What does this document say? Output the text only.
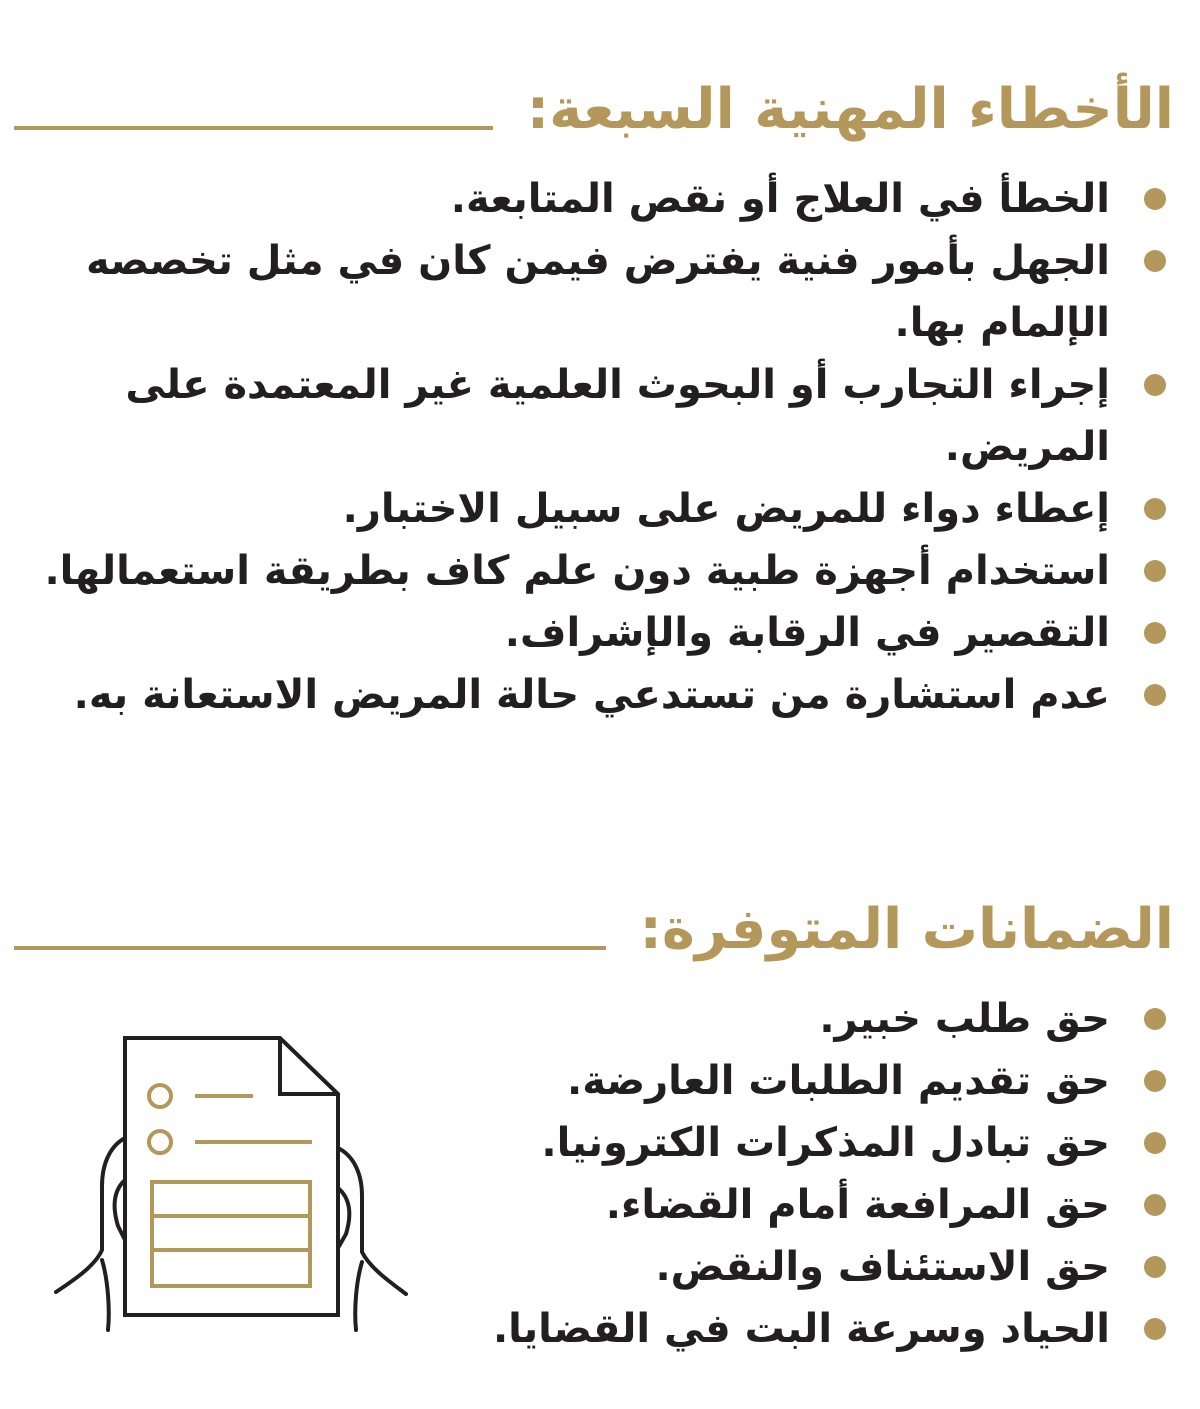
الأخطاء المهنية السبعة:
الخطأ في العلاج أو نقص المتابعة.
الجهل بأمور فنية يفترض فيمن كان في مثل تخصصه الإلمام بها.
إجراء التجارب أو البحوث العلمية غير المعتمدة على المريض.
إعطاء دواء للمريض على سبيل الاختبار.
استخدام أجهزة طبية دون علم كاف بطريقة استعمالها.
التقصير في الرقابة والإشراف.
عدم استشارة من تستدعي حالة المريض الاستعانة به.
الضمانات المتوفرة:
حق طلب خبير.
حق تقديم الطلبات العارضة.
حق تبادل المذكرات الكترونيا.
حق المرافعة أمام القضاء.
حق الاستئناف والنقض.
الحياد وسرعة البت في القضايا.
